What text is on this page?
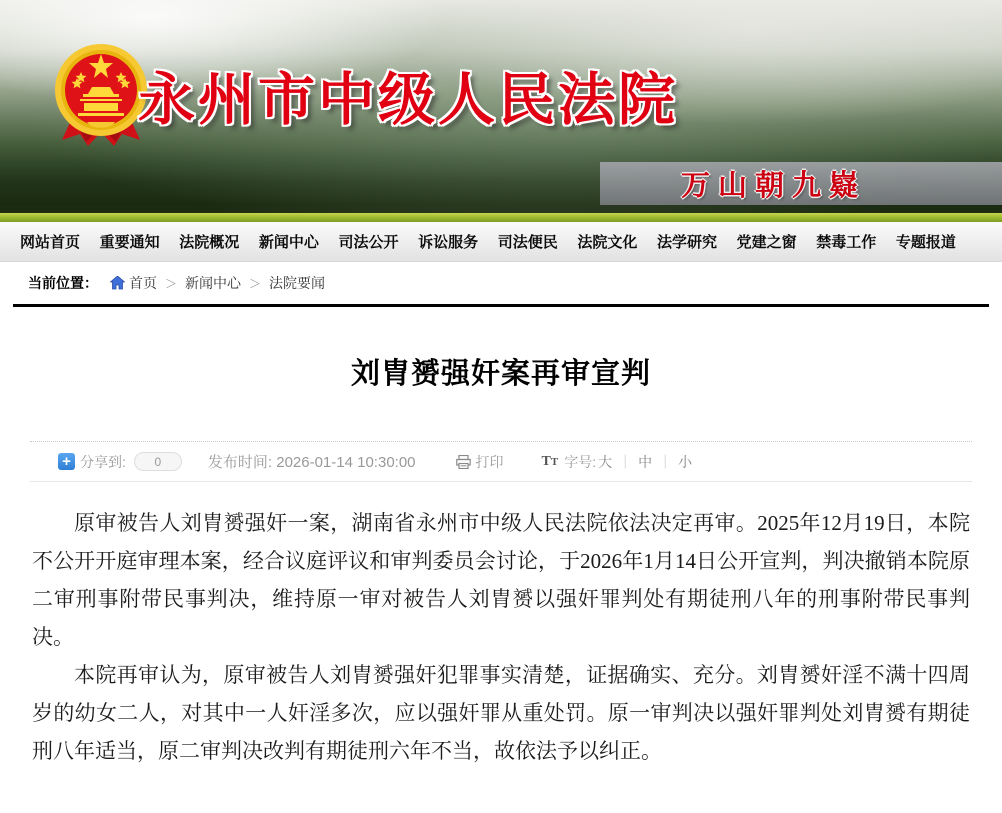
永州市中级人民法院
万山朝九嶷
网站首页 重要通知 法院概况 新闻中心 司法公开 诉讼服务 司法便民 法院文化 法学研究 党建之窗 禁毒工作 专题报道
当前位置： 首页 ＞ 新闻中心 ＞ 法院要闻
刘胄赟强奸案再审宣判
+ 分享到:	0	发布时间: 2026-01-14 10:30:00	打印	TT 字号: 大 ｜ 中 ｜ 小

原审被告人刘胄赟强奸一案，湖南省永州市中级人民法院依法决定再审。2025年12月19日，本院不公开开庭审理本案，经合议庭评议和审判委员会讨论，于2026年1月14日公开宣判，判决撤销本院原二审刑事附带民事判决，维持原一审对被告人刘胄赟以强奸罪判处有期徒刑八年的刑事附带民事判决。

本院再审认为，原审被告人刘胄赟强奸犯罪事实清楚，证据确实、充分。刘胄赟奸淫不满十四周岁的幼女二人，对其中一人奸淫多次，应以强奸罪从重处罚。原一审判决以强奸罪判处刘胄赟有期徒刑八年适当，原二审判决改判有期徒刑六年不当，故依法予以纠正。
